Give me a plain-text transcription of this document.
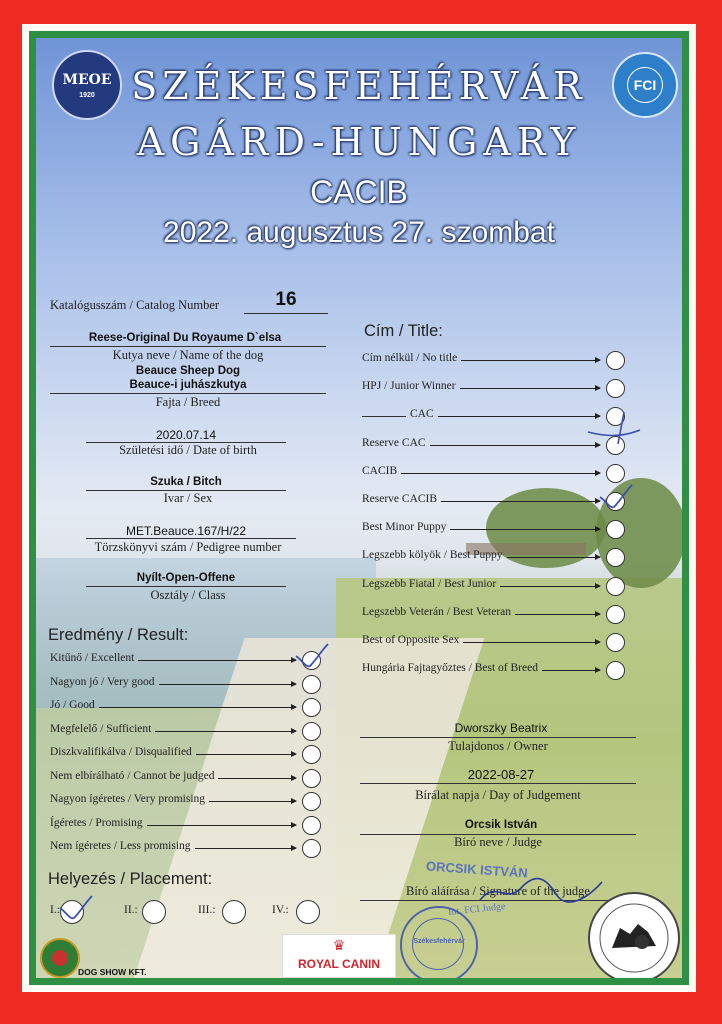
MEOE
1920
FCI
SZÉKESFEHÉRVÁR
AGÁRD-HUNGARY
CACIB
2022. augusztus 27. szombat
Katalógusszám / Catalog Number	16
Reese-Original Du Royaume D`elsa
Kutya neve / Name of the dog
Beauce Sheep Dog
Beauce-i juhászkutya
Fajta / Breed
2020.07.14
Születési idő / Date of birth
Szuka / Bitch
Ivar / Sex
MET.Beauce.167/H/22
Törzskönyvi szám / Pedigree number
Nyílt-Open-Offene
Osztály / Class
Eredmény / Result:
Helyezés / Placement:
Cím / Title:
Dworszky Beatrix
Tulajdonos / Owner
2022-08-27
Bírálat napja / Day of Judgement
Orcsik István
Bíró neve / Judge
ORCSIK ISTVÁN
Int. FCI Judge
Bíró aláírása / Signature of the judge
Székesfehérvár
DOG SHOW KFT.
♛
ROYAL CANIN
Cím nélkül / No title
HPJ / Junior Winner
CAC
Reserve CAC
CACIB
Reserve CACIB
Best Minor Puppy
Legszebb kölyök / Best Puppy
Legszebb Fiatal / Best Junior
Legszebb Veterán / Best Veteran
Best of Opposite Sex
Hungária Fajtagyőztes / Best of Breed
Kitűnő / Excellent
Nagyon jó / Very good
Jó / Good
Megfelelő / Sufficient
Diszkvalifikálva / Disqualified
Nem elbírálható / Cannot be judged
Nagyon ígéretes / Very promising
Ígéretes / Promising
Nem ígéretes / Less promising
I.:	II.:	III.:	IV.:
